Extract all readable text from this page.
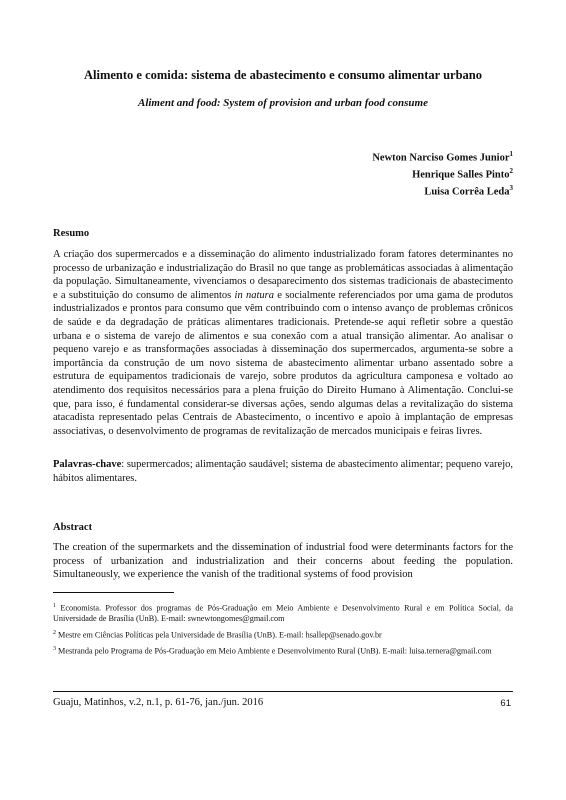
Alimento e comida: sistema de abastecimento e consumo alimentar urbano
Aliment and food: System of provision and urban food consume
Newton Narciso Gomes Junior$^1$
Henrique Salles Pinto$^2$
Luisa Corrêa Leda$^3$
Resumo
A criação dos supermercados e a disseminação do alimento industrializado foram fatores determinantes no processo de urbanização e industrialização do Brasil no que tange as problemáticas associadas à alimentação da população. Simultaneamente, vivenciamos o desaparecimento dos sistemas tradicionais de abastecimento e a substituição do consumo de alimentos in natura e socialmente referenciados por uma gama de produtos industrializados e prontos para consumo que vêm contribuindo com o intenso avanço de problemas crônicos de saúde e da degradação de práticas alimentares tradicionais. Pretende-se aqui refletir sobre a questão urbana e o sistema de varejo de alimentos e sua conexão com a atual transição alimentar. Ao analisar o pequeno varejo e as transformações associadas à disseminação dos supermercados, argumenta-se sobre a importância da construção de um novo sistema de abastecimento alimentar urbano assentado sobre a estrutura de equipamentos tradicionais de varejo, sobre produtos da agricultura camponesa e voltado ao atendimento dos requisitos necessários para a plena fruição do Direito Humano à Alimentação. Conclui-se que, para isso, é fundamental considerar-se diversas ações, sendo algumas delas a revitalização do sistema atacadista representado pelas Centrais de Abastecimento, o incentivo e apoio à implantação de empresas associativas, o desenvolvimento de programas de revitalização de mercados municipais e feiras livres.
Palavras-chave: supermercados; alimentação saudável; sistema de abastecimento alimentar; pequeno varejo, hábitos alimentares.
Abstract
The creation of the supermarkets and the dissemination of industrial food were determinants factors for the process of urbanization and industrialization and their concerns about feeding the population. Simultaneously, we experience the vanish of the traditional systems of food provision

$^1$ Economista. Professor dos programas de Pós-Graduação em Meio Ambiente e Desenvolvimento Rural e em Política Social, da Universidade de Brasília (UnB). E-mail: swnewtongomes@gmail.com

$^2$ Mestre em Ciências Políticas pela Universidade de Brasília (UnB). E-mail: hsallep@senado.gov.br

$^3$ Mestranda pelo Programa de Pós-Graduação em Meio Ambiente e Desenvolvimento Rural (UnB). E-mail: luisa.ternera@gmail.com

Guaju, Matinhos, v.2, n.1, p. 61-76, jan./jun. 2016	61
